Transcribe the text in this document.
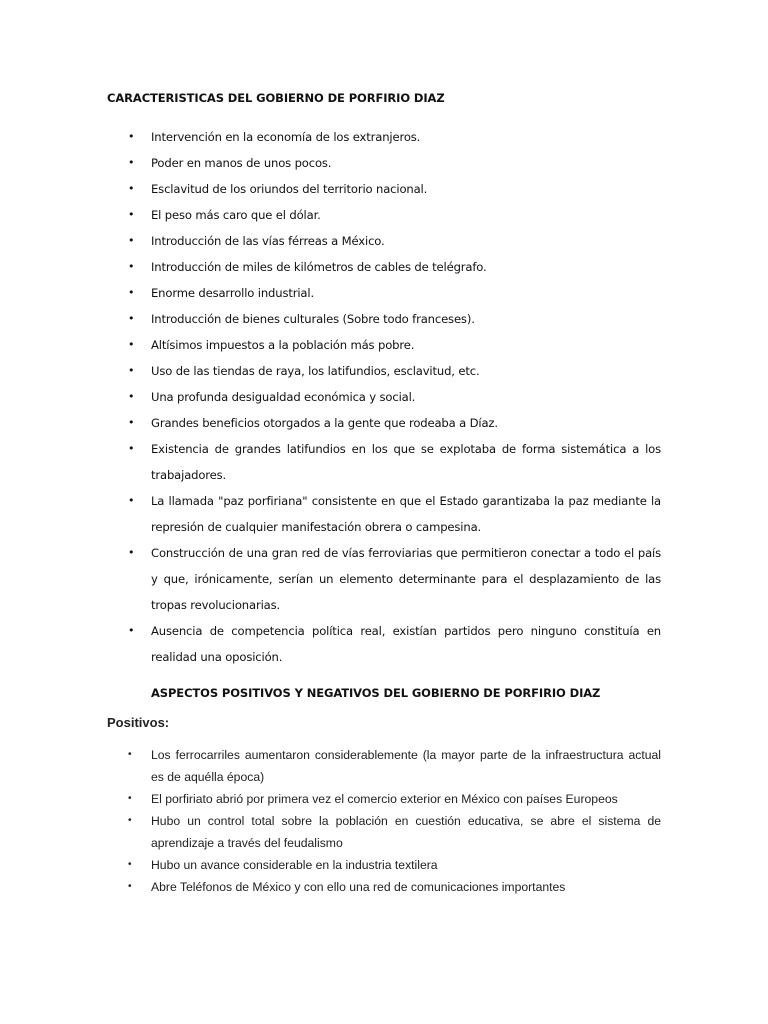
CARACTERISTICAS DEL GOBIERNO DE PORFIRIO DIAZ
• Intervención en la economía de los extranjeros.
• Poder en manos de unos pocos.
• Esclavitud de los oriundos del territorio nacional.
• El peso más caro que el dólar.
• Introducción de las vías férreas a México.
• Introducción de miles de kilómetros de cables de telégrafo.
• Enorme desarrollo industrial.
• Introducción de bienes culturales (Sobre todo franceses).
• Altísimos impuestos a la población más pobre.
• Uso de las tiendas de raya, los latifundios, esclavitud, etc.
• Una profunda desigualdad económica y social.
• Grandes beneficios otorgados a la gente que rodeaba a Díaz.
• Existencia de grandes latifundios en los que se explotaba de forma sistemática a los trabajadores.
• La llamada "paz porfiriana" consistente en que el Estado garantizaba la paz mediante la represión de cualquier manifestación obrera o campesina.
• Construcción de una gran red de vías ferroviarias que permitieron conectar a todo el país y que, irónicamente, serían un elemento determinante para el desplazamiento de las tropas revolucionarias.
• Ausencia de competencia política real, existían partidos pero ninguno constituía en realidad una oposición.
ASPECTOS POSITIVOS Y NEGATIVOS DEL GOBIERNO DE PORFIRIO DIAZ
Positivos:
• Los ferrocarriles aumentaron considerablemente (la mayor parte de la infraestructura actual es de aquélla época)
• El porfiriato abrió por primera vez el comercio exterior en México con países Europeos
• Hubo un control total sobre la población en cuestión educativa, se abre el sistema de aprendizaje a través del feudalismo
• Hubo un avance considerable en la industria textilera
• Abre Teléfonos de México y con ello una red de comunicaciones importantes
